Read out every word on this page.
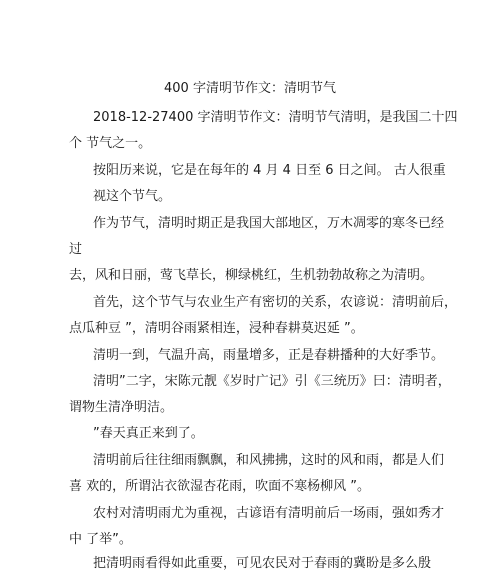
400 字清明节作文：清明节气
2018-12-27400 字清明节作文：清明节气清明，是我国二十四
个 节气之一。
按阳历来说，它是在每年的 4 月 4 日至 6 日之间。 古人很重
视这个节气。
作为节气，清明时期正是我国大部地区，万木凋零的寒冬已经
过
去，风和日丽，莺飞草长，柳绿桃红，生机勃勃故称之为清明。
首先，这个节气与农业生产有密切的关系，农谚说：清明前后，
点瓜种豆 ”，清明谷雨紧相连，浸种春耕莫迟延 ”。
清明一到，气温升高，雨量增多，正是春耕播种的大好季节。
清明”二字，宋陈元靓《岁时广记》引《三统历》曰：清明者，
谓物生清净明洁。
”春天真正来到了。
清明前后往往细雨飘飘，和风拂拂，这时的风和雨，都是人们
喜 欢的，所谓沾衣欲湿杏花雨，吹面不寒杨柳风 ”。
农村对清明雨尤为重视，古谚语有清明前后一场雨，强如秀才
中 了举”。
把清明雨看得如此重要，可见农民对于春雨的冀盼是多么殷
